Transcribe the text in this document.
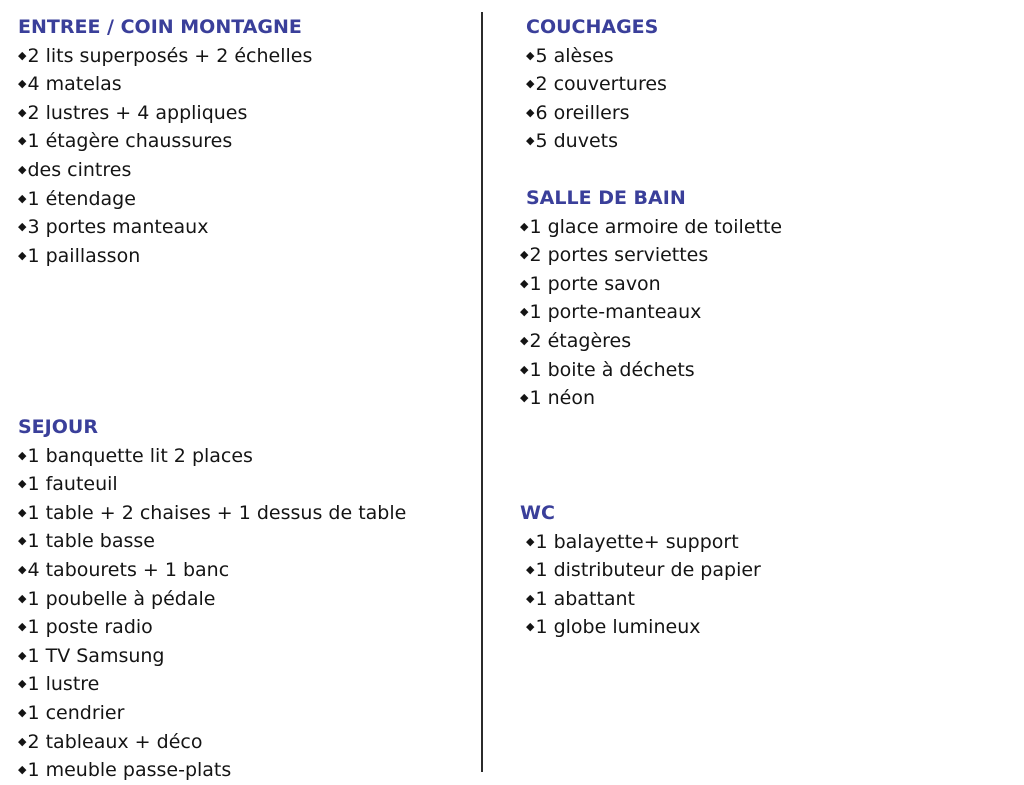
ENTREE / COIN MONTAGNE
◆2 lits superposés + 2 échelles
◆4 matelas
◆2 lustres + 4 appliques
◆1 étagère chaussures
◆des cintres
◆1 étendage
◆3 portes manteaux
◆1 paillasson
SEJOUR
◆1 banquette lit 2 places
◆1 fauteuil
◆1 table + 2 chaises + 1 dessus de table
◆1 table basse
◆4 tabourets + 1 banc
◆1 poubelle à pédale
◆1 poste radio
◆1 TV Samsung
◆1 lustre
◆1 cendrier
◆2 tableaux + déco
◆1 meuble passe-plats
COUCHAGES
◆5 alèses
◆2 couvertures
◆6 oreillers
◆5 duvets
SALLE DE BAIN
◆1 glace armoire de toilette
◆2 portes serviettes
◆1 porte savon
◆1 porte-manteaux
◆2 étagères
◆1 boite à déchets
◆1 néon
WC
◆1 balayette+ support
◆1 distributeur de papier
◆1 abattant
◆1 globe lumineux
